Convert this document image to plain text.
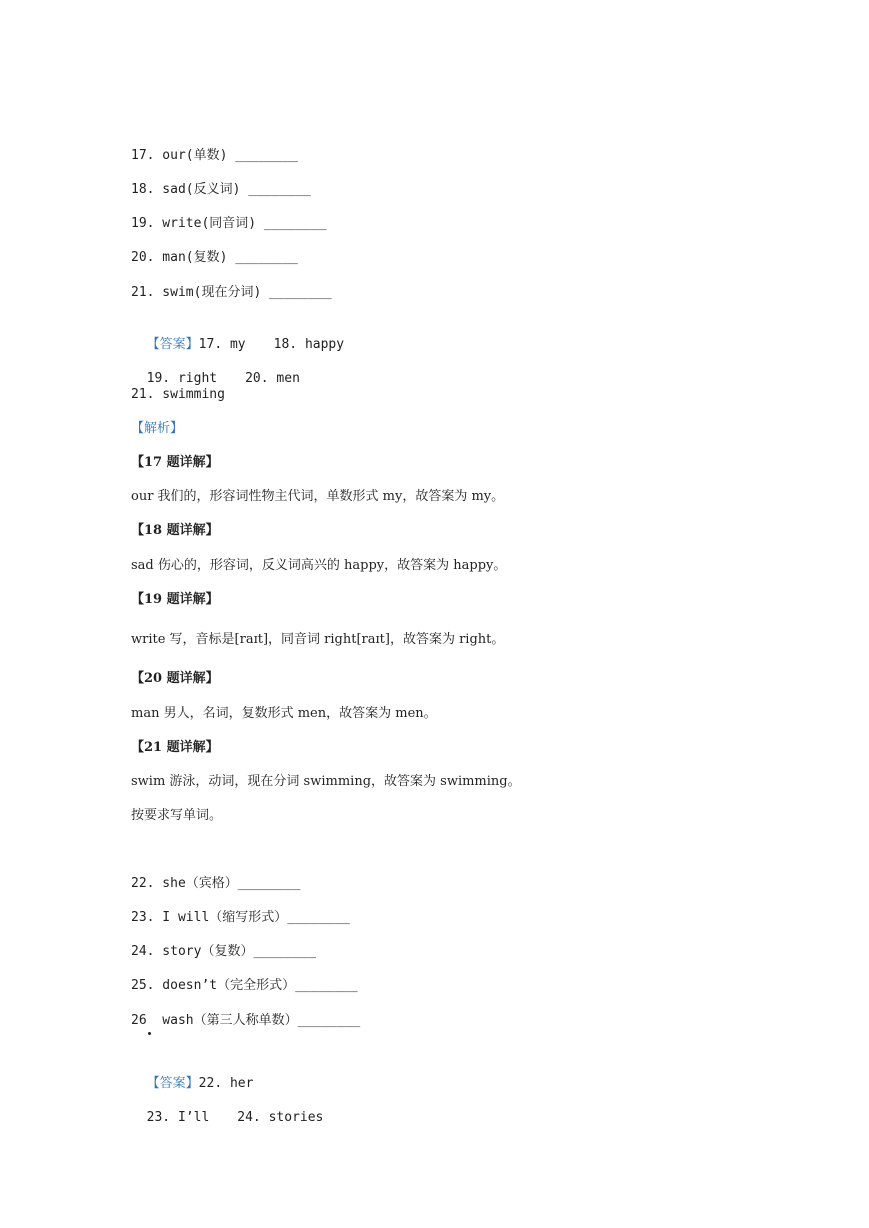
17. our(单数) ________
18. sad(反义词) ________
19. write(同音词) ________
20. man(复数) ________
21. swim(现在分词) ________

【答案】17. my 18. happy

19. right 20. men

21. swimming
【解析】
【17 题详解】
our 我们的，形容词性物主代词，单数形式 my，故答案为 my。
【18 题详解】
sad 伤心的，形容词，反义词高兴的 happy，故答案为 happy。
【19 题详解】
write 写，音标是[raɪt]，同音词 right[raɪt]，故答案为 right。
【20 题详解】
man 男人，名词，复数形式 men，故答案为 men。
【21 题详解】
swim 游泳，动词，现在分词 swimming，故答案为 swimming。
按要求写单词。
22. she（宾格）________
23. I will（缩写形式）________
24. story（复数）________
25. doesn’t（完全形式）________
26  wash（第三人称单数）________

【答案】22. her

23. I’ll 24. stories
